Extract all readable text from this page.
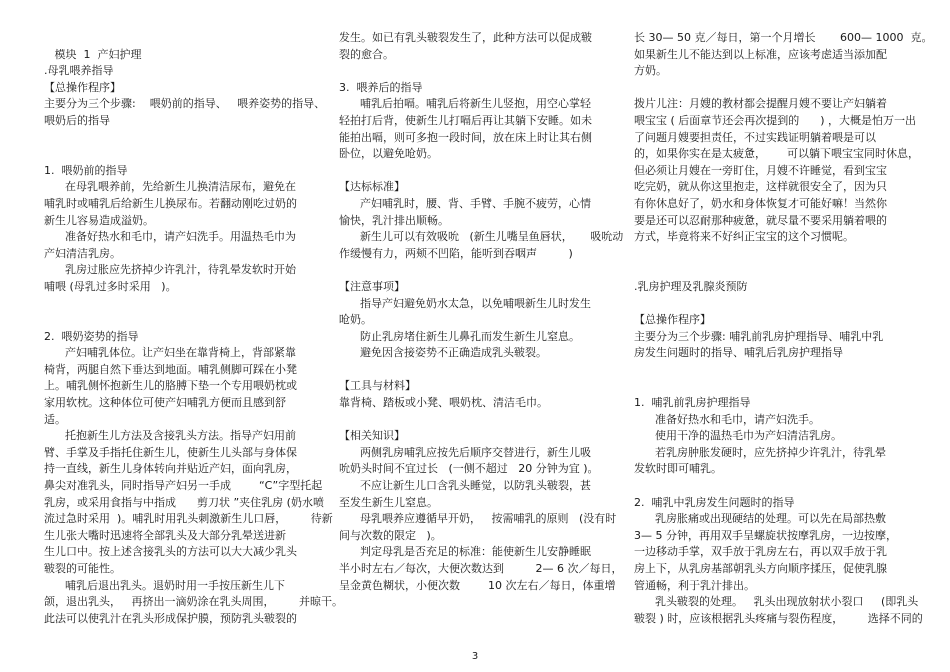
模块  1  产妇护理
.母乳喂养指导
【总操作程序】
主要分为三个步骤:    喂奶前的指导、   喂养姿势的指导、
喂奶后的指导
1.  喂奶前的指导
在母乳喂养前，先给新生儿换清洁尿布，避免在
哺乳时或哺乳后给新生儿换尿布。若翻动刚吃过奶的
新生儿容易造成溢奶。
准备好热水和毛巾，请产妇洗手。用温热毛巾为
产妇清洁乳房。
乳房过胀应先挤掉少许乳汁，待乳晕发软时开始
哺喂 (母乳过多时采用   )。
2.  喂奶姿势的指导
产妇哺乳体位。让产妇坐在靠背椅上，背部紧靠
椅背，两腿自然下垂达到地面。哺乳侧脚可踩在小凳
上。哺乳侧怀抱新生儿的胳膊下垫一个专用喂奶枕或
家用软枕。这种体位可使产妇哺乳方便而且感到舒
适。
托抱新生儿方法及含接乳头方法。指导产妇用前
臂、手掌及手指托住新生儿，使新生儿头部与身体保
持一直线，新生儿身体转向并贴近产妇，面向乳房，
鼻尖对准乳头，同时指导产妇另一手成        “C”字型托起
乳房，或采用食指与中指成      剪刀状 ”夹住乳房 (奶水喷
流过急时采用  )。哺乳时用乳头刺激新生儿口唇，       待新
生儿张大嘴时迅速将全部乳头及大部分乳晕送进新
生儿口中。按上述含接乳头的方法可以大大减少乳头
皲裂的可能性。
哺乳后退出乳头。退奶时用一手按压新生儿下
颌，退出乳头，   再挤出一滴奶涂在乳头周围，       并晾干。
此法可以使乳汁在乳头形成保护膜，预防乳头皲裂的
发生。如已有乳头皲裂发生了，此种方法可以促成皲
裂的愈合。
3.  喂养后的指导
哺乳后拍嗝。哺乳后将新生儿竖抱，用空心掌轻
轻拍打后背，使新生儿打嗝后再让其躺下安睡。如未
能拍出嗝，则可多抱一段时间，放在床上时让其右侧
卧位，以避免呛奶。
【达标标准】
产妇哺乳时，腰、背、手臂、手腕不疲劳，心情
愉快，乳汁排出顺畅。
新生儿可以有效吸吮   (新生儿嘴呈鱼唇状，     吸吮动
作缓慢有力，两颊不凹陷，能听到吞咽声         )
【注意事项】
指导产妇避免奶水太急，以免哺喂新生儿时发生
呛奶。
防止乳房堵住新生儿鼻孔而发生新生儿窒息。
避免因含接姿势不正确造成乳头皲裂。
【工具与材料】
靠背椅、踏板或小凳、喂奶枕、清洁毛巾。
【相关知识】
两侧乳房哺乳应按先后顺序交替进行，新生儿吸
吮奶头时间不宜过长   (一侧不超过   20 分钟为宜 )。
不应让新生儿口含乳头睡觉，以防乳头皲裂，甚
至发生新生儿窒息。
母乳喂养应遵循早开奶，   按需哺乳的原则   (没有时
间与次数的限定   )。
判定母乳是否充足的标准：能使新生儿安静睡眠
半小时左右／每次，大便次数达到         2— 6 次／每日，
呈金黄色糊状，小便次数        10 次左右／每日，体重增
长 30— 50 克／每日，第一个月增长       600— 1000  克。
如果新生儿不能达到以上标准，应该考虑适当添加配
方奶。
拨片儿注：月嫂的教材都会提醒月嫂不要让产妇躺着
喂宝宝 ( 后面章节还会再次提到的      ) ，大概是怕万一出
了问题月嫂要担责任，不过实践证明躺着喂是可以
的，如果你实在是太疲惫，      可以躺下喂宝宝同时休息，
但必须让月嫂在一旁盯住，月嫂不许睡觉，看到宝宝
吃完奶，就从你这里抱走，这样就很安全了，因为只
有你休息好了，奶水和身体恢复才可能好嘛！当然你
要是还可以忍耐那种疲惫，就尽量不要采用躺着喂的
方式，毕竟将来不好纠正宝宝的这个习惯呢。
.乳房护理及乳腺炎预防
【总操作程序】
主要分为三个步骤: 哺乳前乳房护理指导、哺乳中乳
房发生问题时的指导、哺乳后乳房护理指导
1.  哺乳前乳房护理指导
准备好热水和毛巾，请产妇洗手。
使用干净的温热毛巾为产妇清洁乳房。
若乳房肿胀发硬时，应先挤掉少许乳汁，待乳晕
发软时即可哺乳。
2.  哺乳中乳房发生问题时的指导
乳房胀痛或出现硬结的处理。可以先在局部热敷
3— 5 分钟，再用双手呈螺旋状按摩乳房，一边按摩，
一边移动手掌，双手放于乳房左右，再以双手放于乳
房上下，从乳房基部朝乳头方向顺序揉压，促使乳腺
管通畅，利于乳汁排出。
乳头皲裂的处理。   乳头出现放射状小裂口     (即乳头
皲裂 ) 时，应该根据乳头疼痛与裂伤程度，       选择不同的
3
